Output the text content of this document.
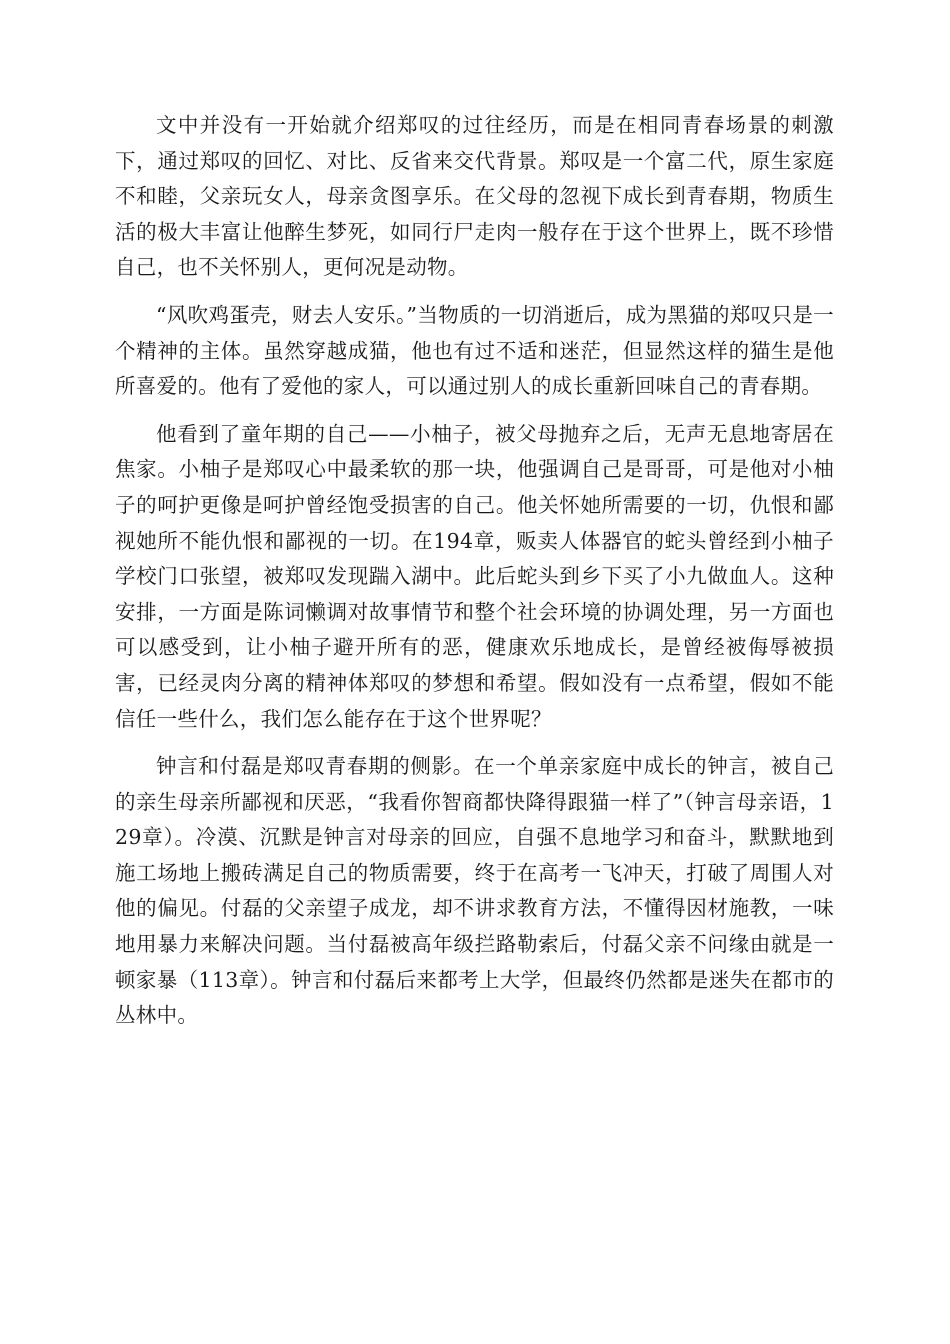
文中并没有一开始就介绍郑叹的过往经历，而是在相同青春场景的刺激下，通过郑叹的回忆、对比、反省来交代背景。郑叹是一个富二代，原生家庭不和睦，父亲玩女人，母亲贪图享乐。在父母的忽视下成长到青春期，物质生活的极大丰富让他醉生梦死，如同行尸走肉一般存在于这个世界上，既不珍惜自己，也不关怀别人，更何况是动物。

“风吹鸡蛋壳，财去人安乐。”当物质的一切消逝后，成为黑猫的郑叹只是一个精神的主体。虽然穿越成猫，他也有过不适和迷茫，但显然这样的猫生是他所喜爱的。他有了爱他的家人，可以通过别人的成长重新回味自己的青春期。

他看到了童年期的自己——小柚子，被父母抛弃之后，无声无息地寄居在焦家。小柚子是郑叹心中最柔软的那一块，他强调自己是哥哥，可是他对小柚子的呵护更像是呵护曾经饱受损害的自己。他关怀她所需要的一切，仇恨和鄙视她所不能仇恨和鄙视的一切。在194章，贩卖人体器官的蛇头曾经到小柚子学校门口张望，被郑叹发现踹入湖中。此后蛇头到乡下买了小九做血人。这种安排，一方面是陈词懒调对故事情节和整个社会环境的协调处理，另一方面也可以感受到，让小柚子避开所有的恶，健康欢乐地成长，是曾经被侮辱被损害，已经灵肉分离的精神体郑叹的梦想和希望。假如没有一点希望，假如不能信任一些什么，我们怎么能存在于这个世界呢？

钟言和付磊是郑叹青春期的侧影。在一个单亲家庭中成长的钟言，被自己的亲生母亲所鄙视和厌恶，“我看你智商都快降得跟猫一样了”（钟言母亲语，129章）。冷漠、沉默是钟言对母亲的回应，自强不息地学习和奋斗，默默地到施工场地上搬砖满足自己的物质需要，终于在高考一飞冲天，打破了周围人对他的偏见。付磊的父亲望子成龙，却不讲求教育方法，不懂得因材施教，一味地用暴力来解决问题。当付磊被高年级拦路勒索后，付磊父亲不问缘由就是一顿家暴（113章）。钟言和付磊后来都考上大学，但最终仍然都是迷失在都市的丛林中。
